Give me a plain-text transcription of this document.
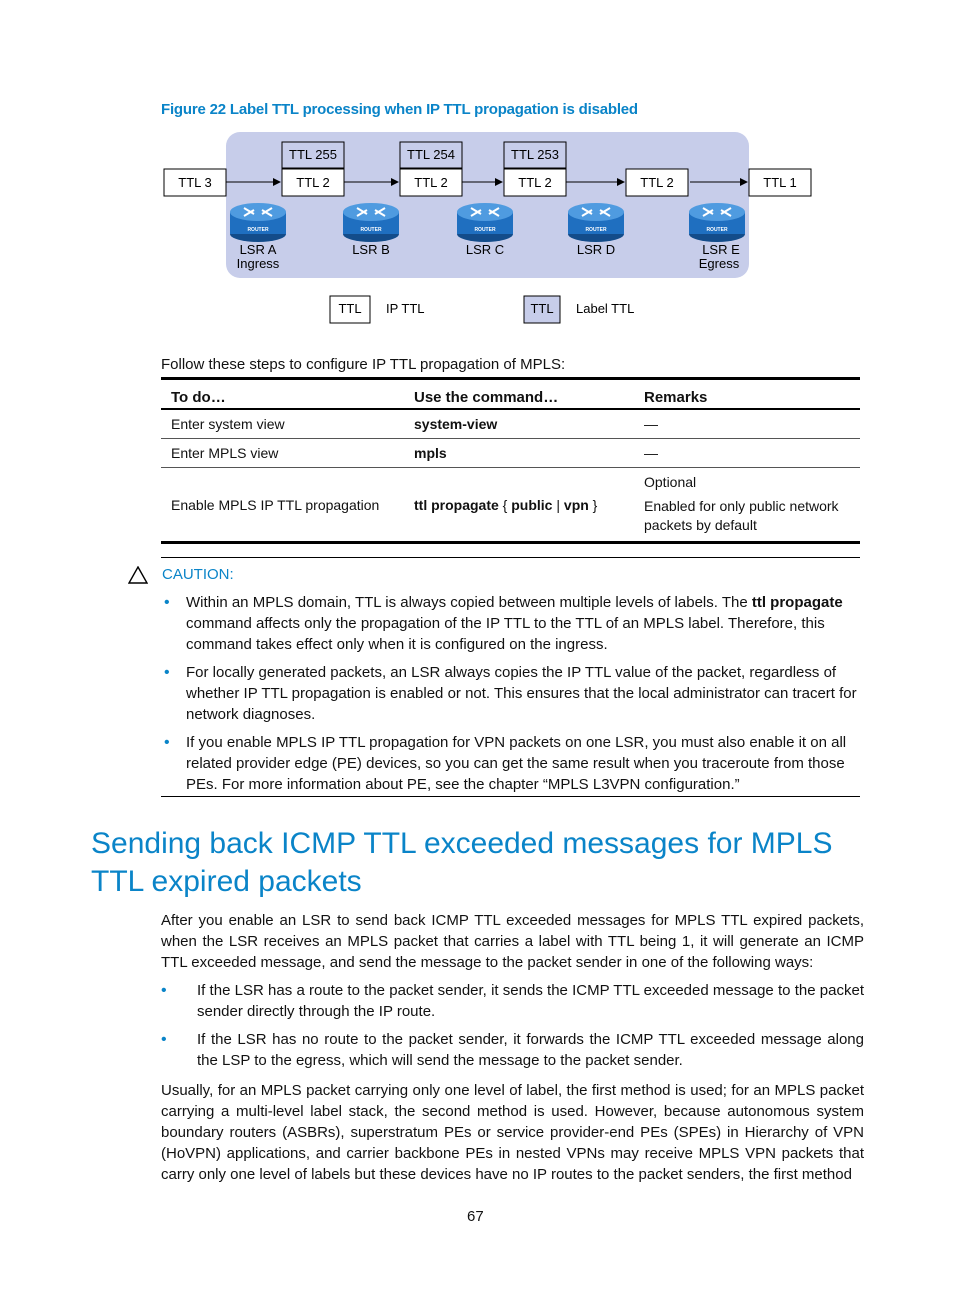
Figure 22 Label TTL processing when IP TTL propagation is disabled
TTL 3	TTL 1
TTL 255
TTL 2
TTL 254
TTL 2
TTL 253
TTL 2	TTL 2
ROUTER
LSR A
Ingress
ROUTER
LSR B
ROUTER
LSR C
ROUTER
LSR D
ROUTER
LSR E
Egress
TTL IP TTL	TTL Label TTL
Follow these steps to configure IP TTL propagation of MPLS:
To do…	Use the command…	Remarks
Enter system view	system-view	—
Enter MPLS view	mpls	—
Enable MPLS IP TTL propagation	ttl propagate { public | vpn }	Optional
Enabled for only public network packets by default
CAUTION:
• Within an MPLS domain, TTL is always copied between multiple levels of labels. The ttl propagate command affects only the propagation of the IP TTL to the TTL of an MPLS label. Therefore, this command takes effect only when it is configured on the ingress.
• For locally generated packets, an LSR always copies the IP TTL value of the packet, regardless of whether IP TTL propagation is enabled or not. This ensures that the local administrator can tracert for network diagnoses.
• If you enable MPLS IP TTL propagation for VPN packets on one LSR, you must also enable it on all related provider edge (PE) devices, so you can get the same result when you traceroute from those PEs. For more information about PE, see the chapter “MPLS L3VPN configuration.”
Sending back ICMP TTL exceeded messages for MPLS TTL expired packets

After you enable an LSR to send back ICMP TTL exceeded messages for MPLS TTL expired packets, when the LSR receives an MPLS packet that carries a label with TTL being 1, it will generate an ICMP TTL exceeded message, and send the message to the packet sender in one of the following ways:

• If the LSR has a route to the packet sender, it sends the ICMP TTL exceeded message to the packet sender directly through the IP route.
• If the LSR has no route to the packet sender, it forwards the ICMP TTL exceeded message along the LSP to the egress, which will send the message to the packet sender.

Usually, for an MPLS packet carrying only one level of label, the first method is used; for an MPLS packet carrying a multi-level label stack, the second method is used. However, because autonomous system boundary routers (ASBRs), superstratum PEs or service provider-end PEs (SPEs) in Hierarchy of VPN (HoVPN) applications, and carrier backbone PEs in nested VPNs may receive MPLS VPN packets that carry only one level of labels but these devices have no IP routes to the packet senders, the first method

67
